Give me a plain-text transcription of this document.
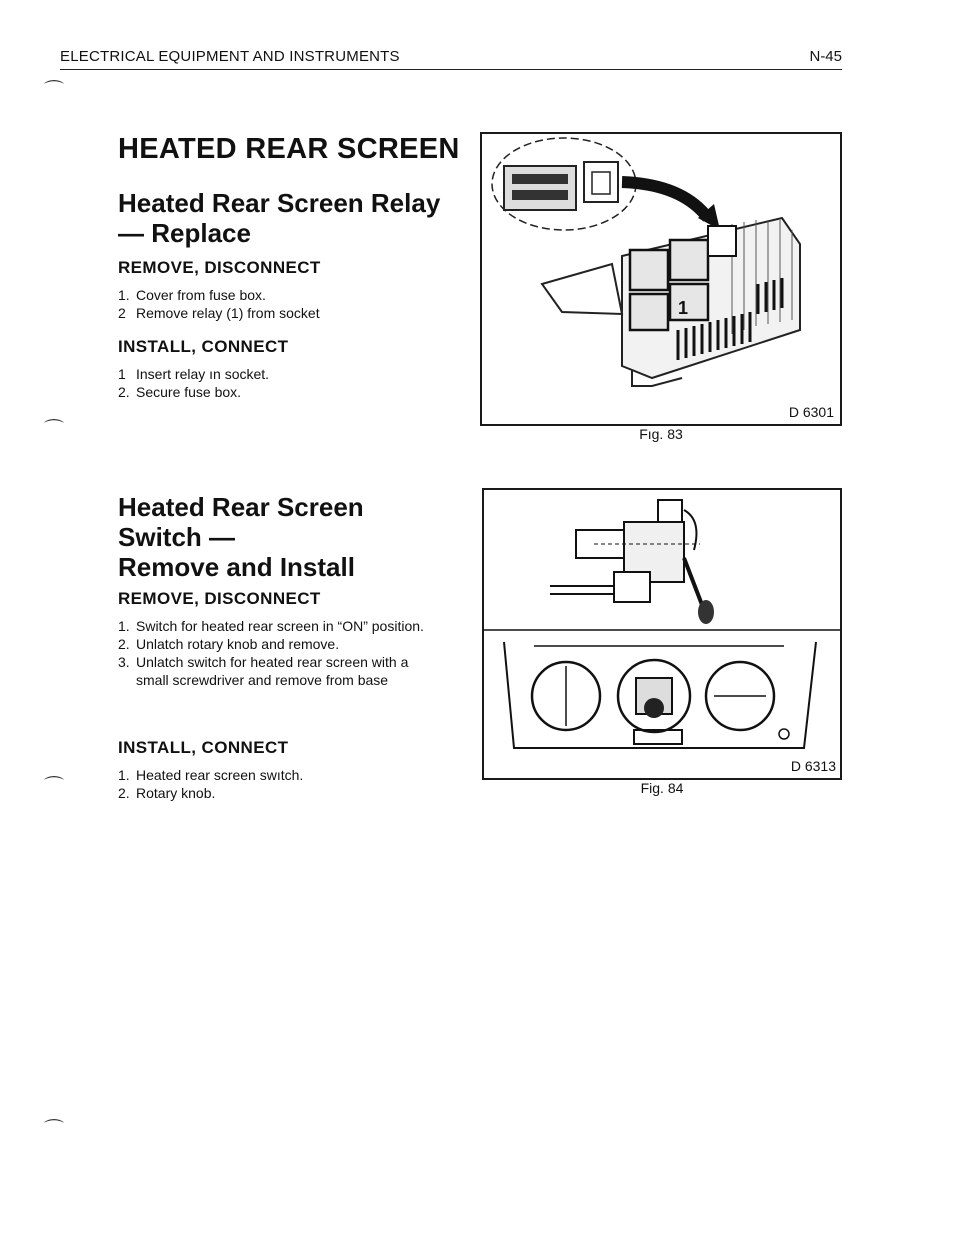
ELECTRICAL EQUIPMENT AND INSTRUMENTS	N-45
⌒
⌒
⌒
⌒
HEATED REAR SCREEN
Heated Rear Screen Relay
— Replace
REMOVE, DISCONNECT
1. Cover from fuse box.
2 Remove relay (1) from socket
INSTALL, CONNECT
1 Insert relay ın socket.
2. Secure fuse box.
1
D 6301
Fıg. 83
Heated Rear Screen
Switch —
Remove and Install
REMOVE, DISCONNECT
1. Switch for heated rear screen in “ON” position.
2. Unlatch rotary knob and remove.
3. Unlatch switch for heated rear screen with a small screwdriver and remove from base
INSTALL, CONNECT
1. Heated rear screen swıtch.
2. Rotary knob.
D 6313
Fig. 84
